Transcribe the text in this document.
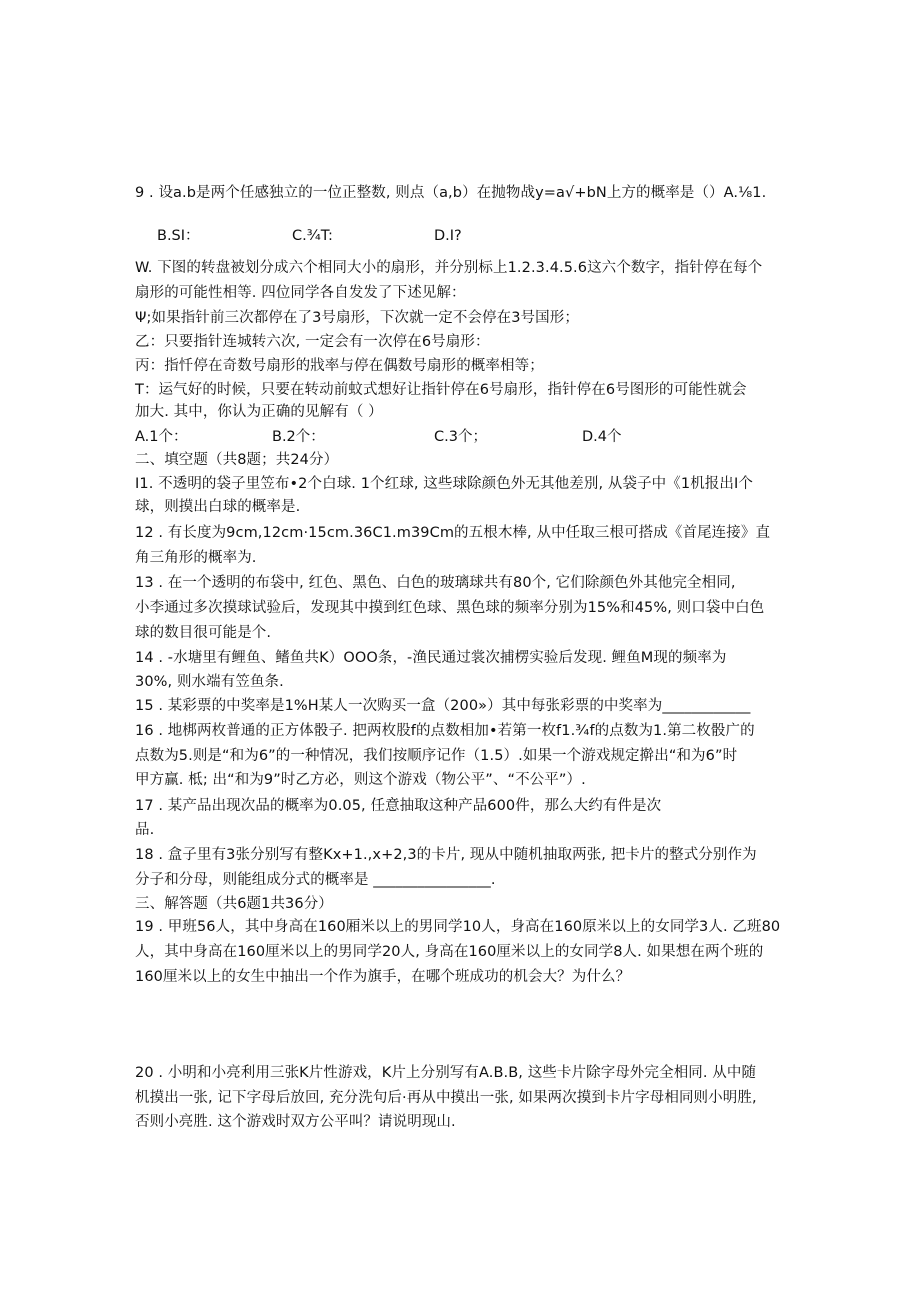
9 . 设a.b是两个任感独立的一位正整数, 则点（a,b）在抛物战y=a√+bN上方的概率是（）A.⅛1.
B.SI：	C.¾T:	D.I?
W. 下图的转盘被划分成六个相同大小的扇形，并分别标上1.2.3.4.5.6这六个数字，指针停在每个
扇形的可能性相等. 四位同学各自发发了下述见解：
Ψ;如果指针前三次都停在了3号扇形，下次就一定不会停在3号国形；
乙：只要指针连城转六次, 一定会有一次停在6号扇形：
丙：指忏停在奇数号扇形的戕率与停在偶数号扇形的概率相等；
T：运气好的时候，只要在转动前蚊式想好让指针停在6号扇形，指针停在6号图形的可能性就会
加大. 其中，你认为正确的见解有（ ）
A.1个：	B.2个：	C.3个；	D.4个
二、填空题（共8题；共24分）
I1. 不透明的袋子里笠布•2个白球. 1个红球, 这些球除颜色外无其他差別, 从袋子中《1机报出I个
球，则摸出白球的概率是.
12 . 有长度为9cm,12cm·15cm.36C1.m39Cm的五根木棒, 从中任取三根可搭成《首尾连接》直
角三角形的概率为.
13 . 在一个透明的布袋中, 红色、黑色、白色的玻璃球共有80个, 它们除颜色外其他完全相同,
小李通过多次摸球试验后，发现其中摸到红色球、黑色球的频率分别为15%和45%, 则口袋中白色
球的数目很可能是个.
14 . -水塘里有鲤鱼、鳍鱼共K）OOO条，-渔民通过裳次捕楞实验后发现. 鲤鱼M现的频率为
30%, 则水端有笠鱼条.
15 . 某彩票的中奖率是1%H某人一次购买一盒（200»）其中每张彩票的中奖率为____________
16 . 地梆两枚普通的正方体骰子. 把两枚股f的点数相加•若第一枚f1.¾f的点数为1.第二枚骰广的
点数为5.则是“和为6”的一种情况，我们按顺序记作（1.5）.如果一个游戏规定擀出“和为6”时
甲方赢. 柢; 出“和为9”时乙方必，则这个游戏（物公平”、“不公平”）.
17 . 某产品出现次品的概率为0.05, 任意抽取这种产品600件，那么大约有件是次
品.
18 . 盒子里有3张分别写有整Kx+1.,x+2,3的卡片, 现从中随机抽取两张, 把卡片的整式分别作为
分子和分母，则能组成分式的概率是 ________________.
三、解答题（共6题1共36分）
19 . 甲班56人，其中身高在160厢米以上的男同学10人，身高在160原米以上的女同学3人. 乙班80
人，其中身高在160厘米以上的男同学20人, 身高在160厘米以上的女同学8人. 如果想在两个班的
160厘米以上的女生中抽出一个作为旗手，在哪个班成功的机会大？为什么？
20 . 小明和小亮利用三张K片性游戏，K片上分别写有A.B.B, 这些卡片除字母外完全相同. 从中随
机摸出一张, 记下字母后放回, 充分洗句后·再从中摸出一张, 如果两次摸到卡片字母相同则小明胜,
否则小亮胜. 这个游戏时双方公平叫？请说明现山.
